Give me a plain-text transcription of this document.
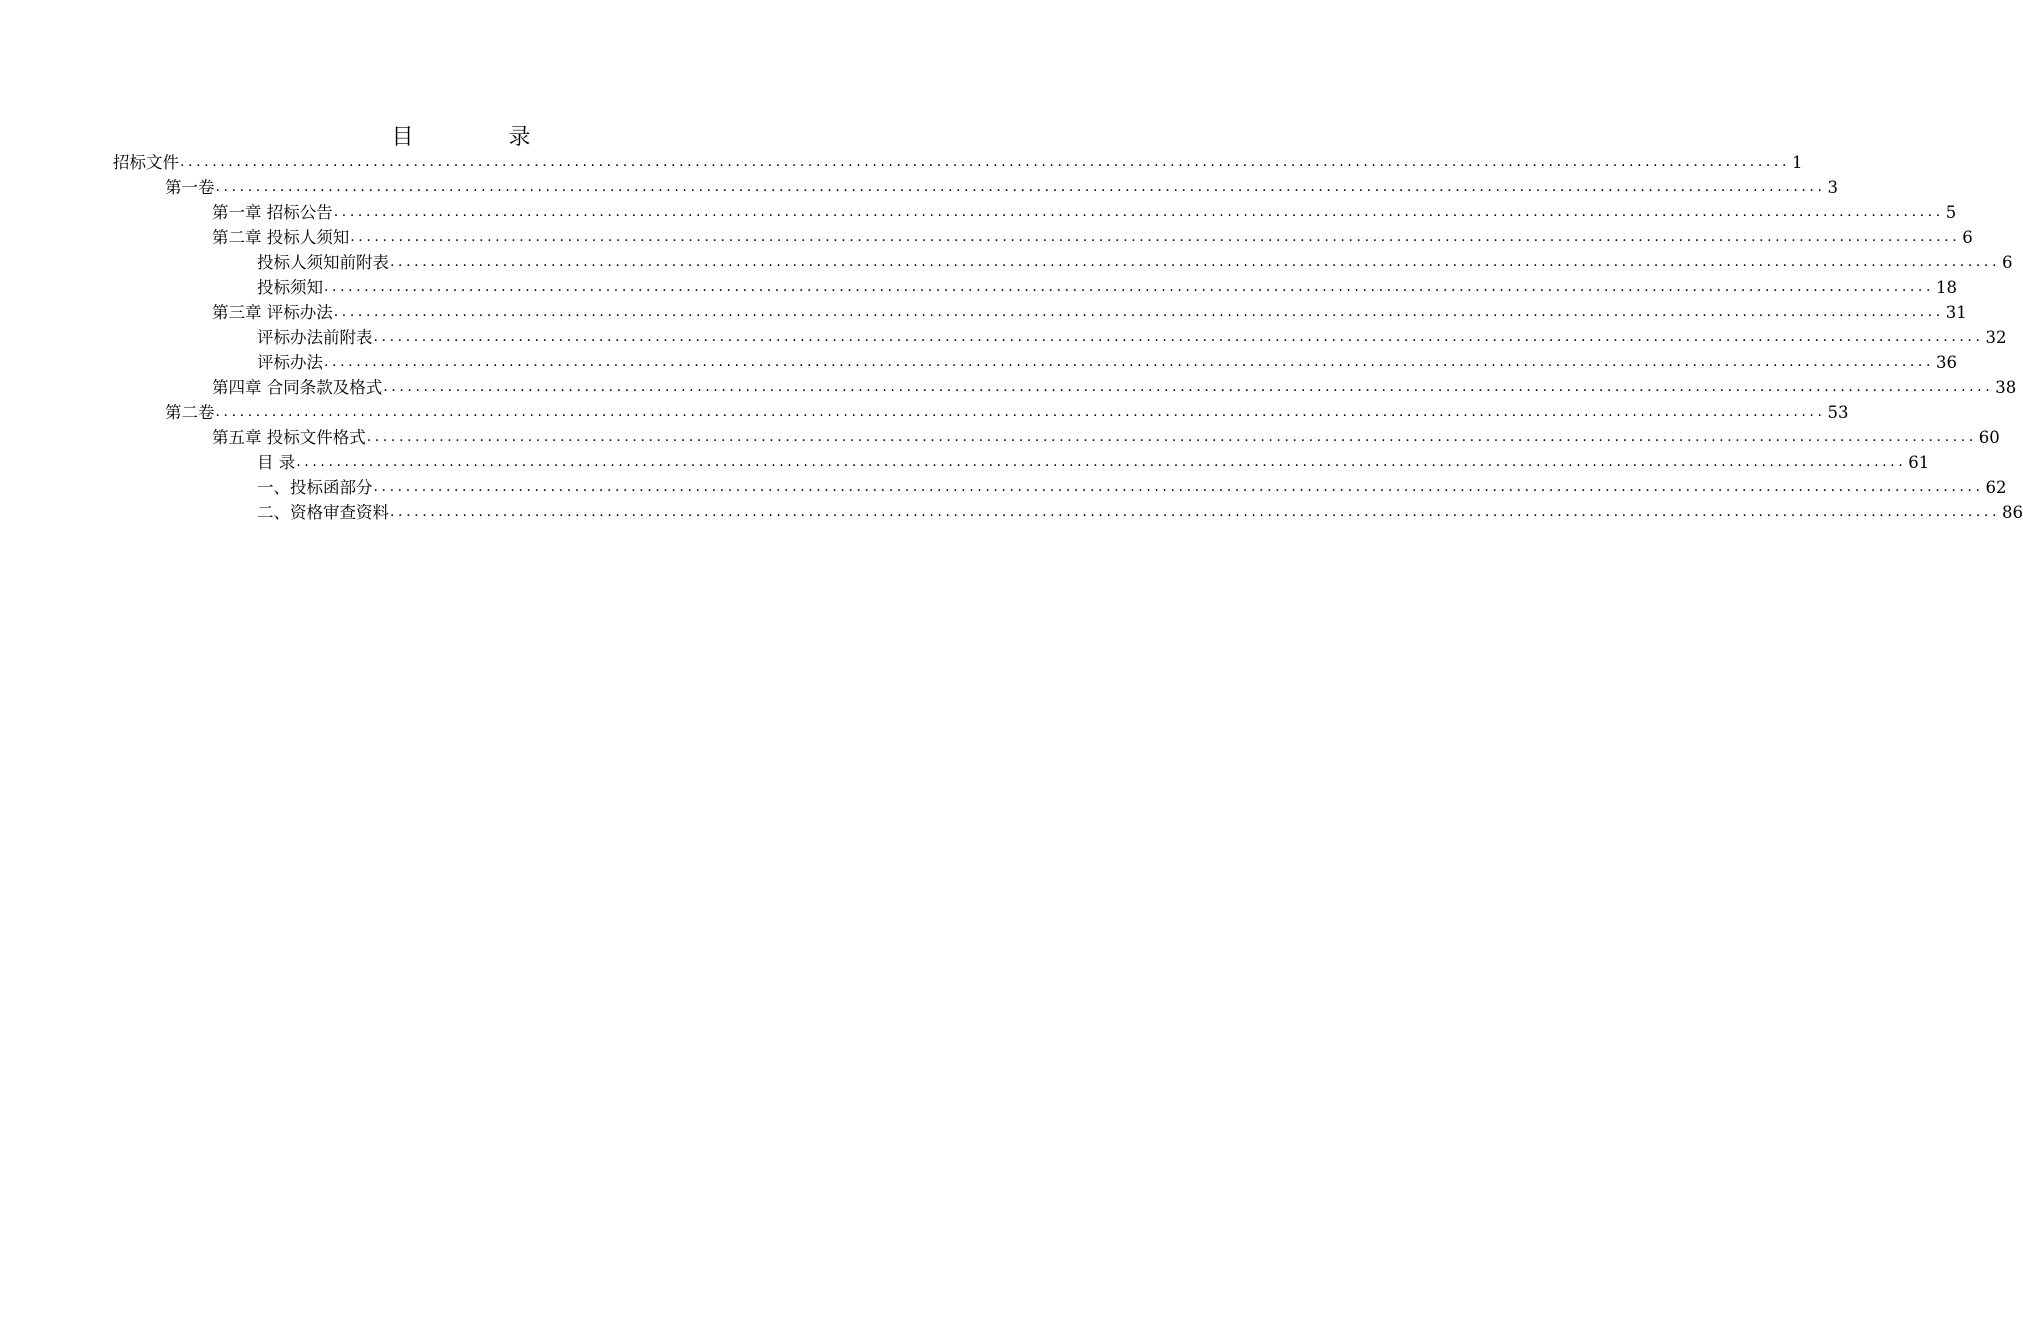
目 录
招标文件 ........................................................................................................................................................................................................ 1
第一卷 ........................................................................................................................................................................................................ 3
第一章 招标公告 ........................................................................................................................................................................................................ 5
第二章 投标人须知 ........................................................................................................................................................................................................ 6
投标人须知前附表 ........................................................................................................................................................................................................ 6
投标须知 ........................................................................................................................................................................................................ 18
第三章 评标办法 ........................................................................................................................................................................................................ 31
评标办法前附表 ........................................................................................................................................................................................................ 32
评标办法 ........................................................................................................................................................................................................ 36
第四章 合同条款及格式 ........................................................................................................................................................................................................ 38
第二卷 ........................................................................................................................................................................................................ 53
第五章 投标文件格式 ........................................................................................................................................................................................................ 60
目 录 ........................................................................................................................................................................................................ 61
一、投标函部分 ........................................................................................................................................................................................................ 62
二、资格审查资料 ........................................................................................................................................................................................................ 86
